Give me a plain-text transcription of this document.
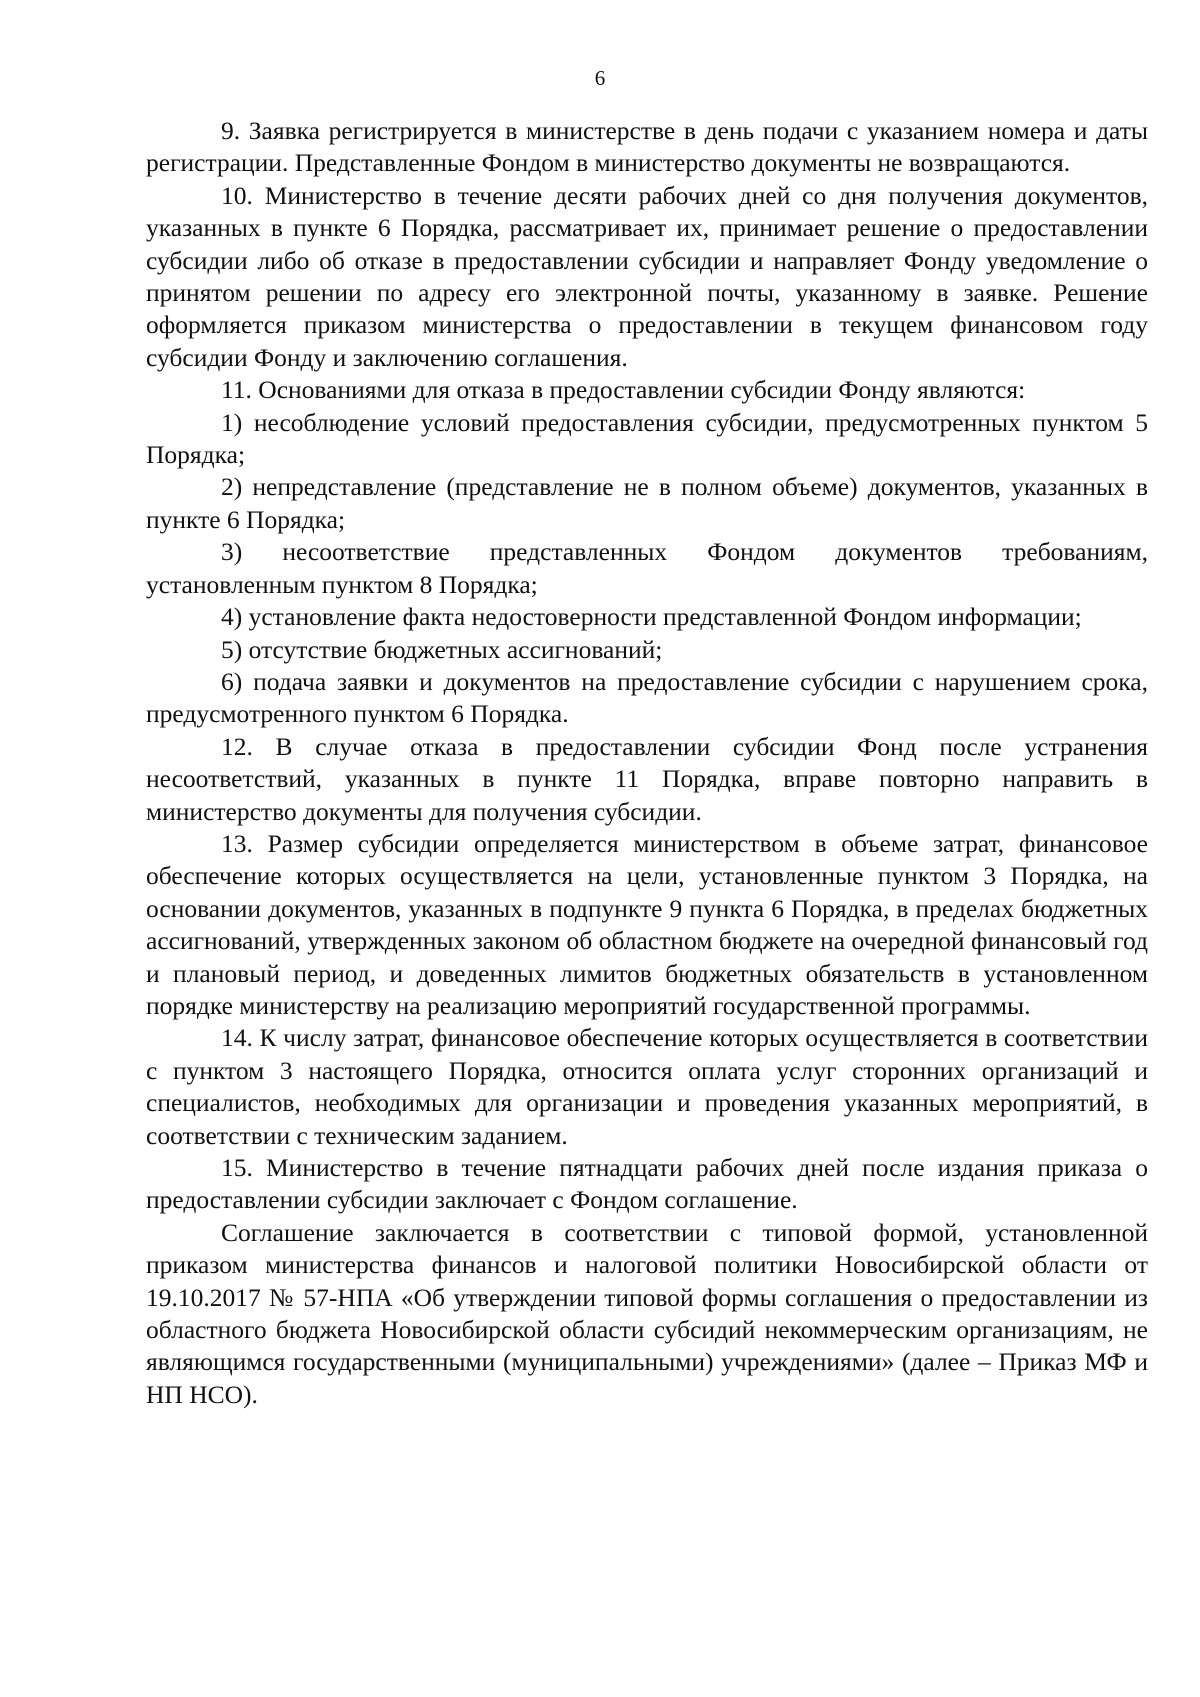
6

9. Заявка регистрируется в министерстве в день подачи с указанием номера и даты регистрации. Представленные Фондом в министерство документы не возвращаются.

10. Министерство в течение десяти рабочих дней со дня получения документов, указанных в пункте 6 Порядка, рассматривает их, принимает решение о предоставлении субсидии либо об отказе в предоставлении субсидии и направляет Фонду уведомление о принятом решении по адресу его электронной почты, указанному в заявке. Решение оформляется приказом министерства о предоставлении в текущем финансовом году субсидии Фонду и заключению соглашения.

11. Основаниями для отказа в предоставлении субсидии Фонду являются:

1) несоблюдение условий предоставления субсидии, предусмотренных пунктом 5 Порядка;

2) непредставление (представление не в полном объеме) документов, указанных в пункте 6 Порядка;

3) несоответствие представленных Фондом документов требованиям, установленным пунктом 8 Порядка;

4) установление факта недостоверности представленной Фондом информации;

5) отсутствие бюджетных ассигнований;

6) подача заявки и документов на предоставление субсидии с нарушением срока, предусмотренного пунктом 6 Порядка.

12. В случае отказа в предоставлении субсидии Фонд после устранения несоответствий, указанных в пункте 11 Порядка, вправе повторно направить в министерство документы для получения субсидии.

13. Размер субсидии определяется министерством в объеме затрат, финансовое обеспечение которых осуществляется на цели, установленные пунктом 3 Порядка, на основании документов, указанных в подпункте 9 пункта 6 Порядка, в пределах бюджетных ассигнований, утвержденных законом об областном бюджете на очередной финансовый год и плановый период, и доведенных лимитов бюджетных обязательств в установленном порядке министерству на реализацию мероприятий государственной программы.

14. К числу затрат, финансовое обеспечение которых осуществляется в соответствии с пунктом 3 настоящего Порядка, относится оплата услуг сторонних организаций и специалистов, необходимых для организации и проведения указанных мероприятий, в соответствии с техническим заданием.

15. Министерство в течение пятнадцати рабочих дней после издания приказа о предоставлении субсидии заключает с Фондом соглашение.

Соглашение заключается в соответствии с типовой формой, установленной приказом министерства финансов и налоговой политики Новосибирской области от 19.10.2017 № 57-НПА «Об утверждении типовой формы соглашения о предоставлении из областного бюджета Новосибирской области субсидий некоммерческим организациям, не являющимся государственными (муниципальными) учреждениями» (далее – Приказ МФ и НП НСО).
